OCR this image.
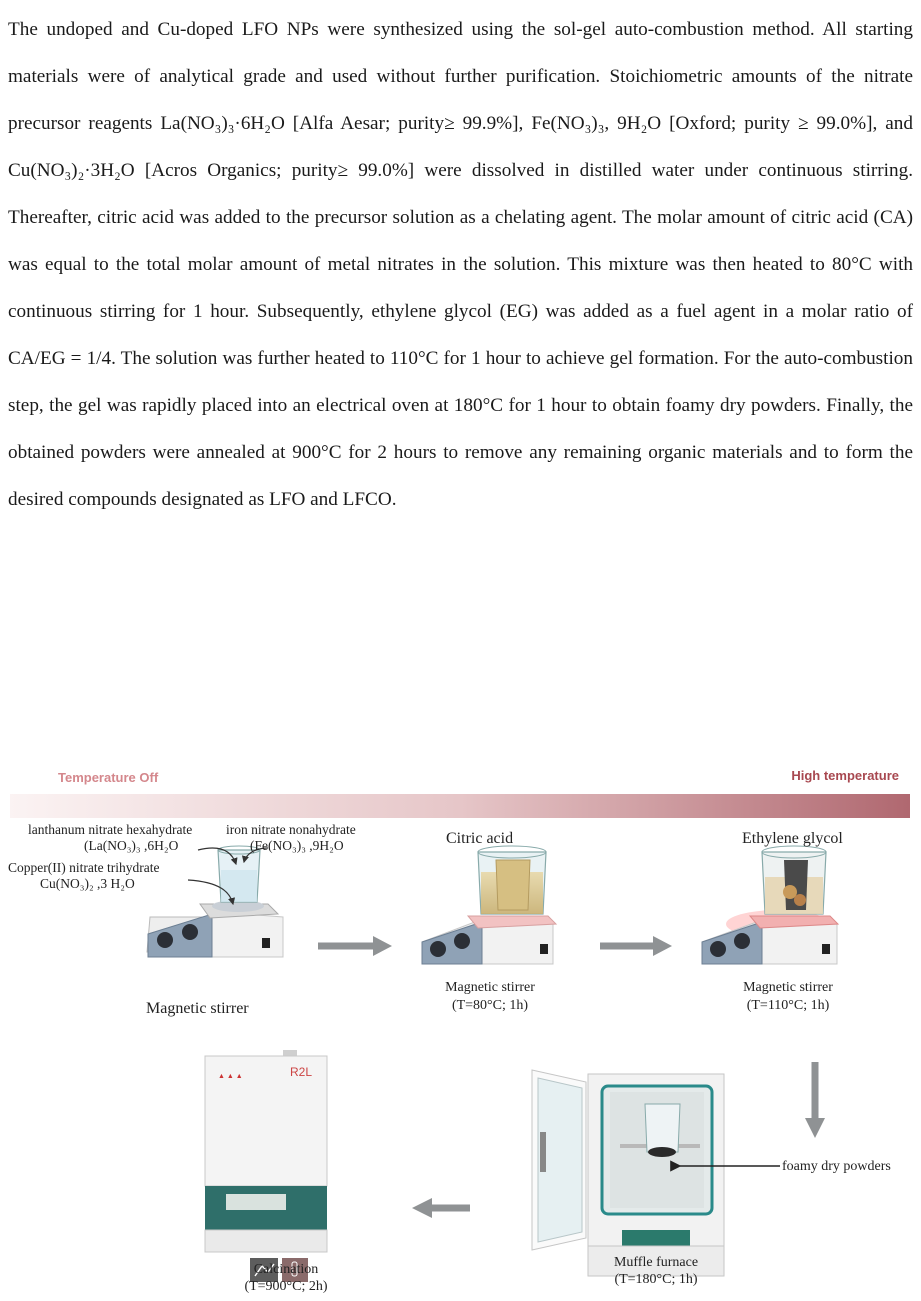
The undoped and Cu-doped LFO NPs were synthesized using the sol-gel auto-combustion method. All starting materials were of analytical grade and used without further purification. Stoichiometric amounts of the nitrate precursor reagents La(NO₃)₃·6H₂O [Alfa Aesar; purity≥ 99.9%], Fe(NO₃)₃, 9H₂O [Oxford; purity ≥ 99.0%], and Cu(NO₃)₂·3H₂O [Acros Organics; purity≥ 99.0%] were dissolved in distilled water under continuous stirring. Thereafter, citric acid was added to the precursor solution as a chelating agent. The molar amount of citric acid (CA) was equal to the total molar amount of metal nitrates in the solution. This mixture was then heated to 80°C with continuous stirring for 1 hour. Subsequently, ethylene glycol (EG) was added as a fuel agent in a molar ratio of CA/EG = 1/4. The solution was further heated to 110°C for 1 hour to achieve gel formation. For the auto-combustion step, the gel was rapidly placed into an electrical oven at 180°C for 1 hour to obtain foamy dry powders. Finally, the obtained powders were annealed at 900°C for 2 hours to remove any remaining organic materials and to form the desired compounds designated as LFO and LFCO.
▲ ▲ ▲
Temperature Off	High temperature
lanthanum nitrate hexahydrate
(La(NO₃)₃ ,6H₂O
iron nitrate nonahydrate
(Fe(NO₃)₃ ,9H₂O
Copper(II) nitrate trihydrate
Cu(NO₃)₂ ,3 H₂O
Citric acid	Ethylene glycol
Magnetic stirrer
Magnetic stirrer
(T=80°C; 1h)
Magnetic stirrer
(T=110°C; 1h)
R2L
foamy dry powders
Muffle furnace
(T=180°C; 1h)
Calcination
(T=900°C; 2h)
